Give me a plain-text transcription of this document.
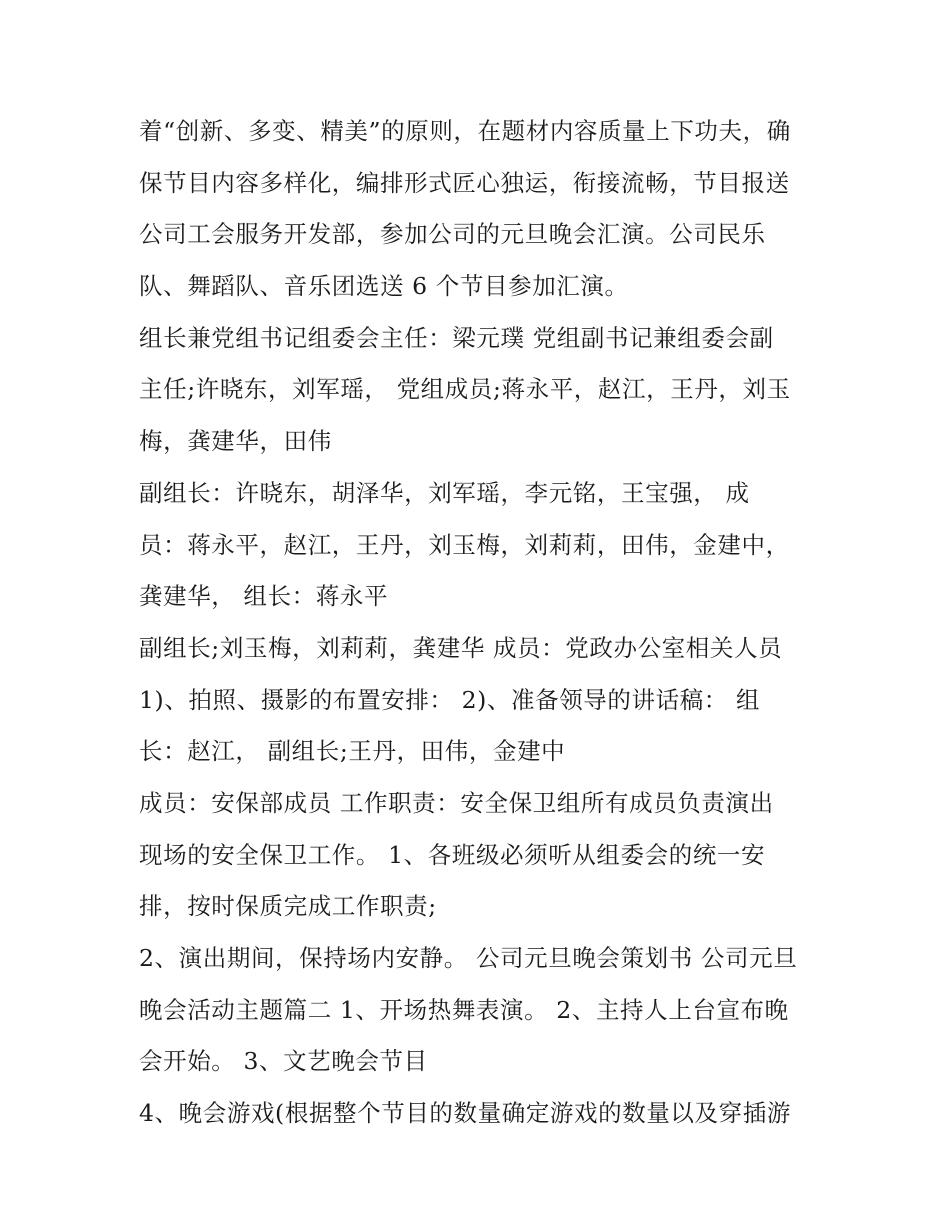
着“创新、多变、精美”的原则，在题材内容质量上下功夫，确
保节目内容多样化，编排形式匠心独运，衔接流畅，节目报送
公司工会服务开发部，参加公司的元旦晚会汇演。公司民乐
队、舞蹈队、音乐团选送 6 个节目参加汇演。
组长兼党组书记组委会主任：梁元璞 党组副书记兼组委会副
主任;许晓东，刘军瑶， 党组成员;蒋永平，赵江，王丹，刘玉
梅，龚建华，田伟
副组长：许晓东，胡泽华，刘军瑶，李元铭，王宝强， 成
员：蒋永平，赵江，王丹，刘玉梅，刘莉莉，田伟，金建中，
龚建华， 组长：蒋永平
副组长;刘玉梅，刘莉莉，龚建华 成员：党政办公室相关人员
1)、拍照、摄影的布置安排： 2)、准备领导的讲话稿： 组
长：赵江， 副组长;王丹，田伟，金建中
成员：安保部成员 工作职责：安全保卫组所有成员负责演出
现场的安全保卫工作。 1、各班级必须听从组委会的统一安
排，按时保质完成工作职责;
2、演出期间，保持场内安静。 公司元旦晚会策划书 公司元旦
晚会活动主题篇二 1、开场热舞表演。 2、主持人上台宣布晚
会开始。 3、文艺晚会节目
4、晚会游戏(根据整个节目的数量确定游戏的数量以及穿插游
